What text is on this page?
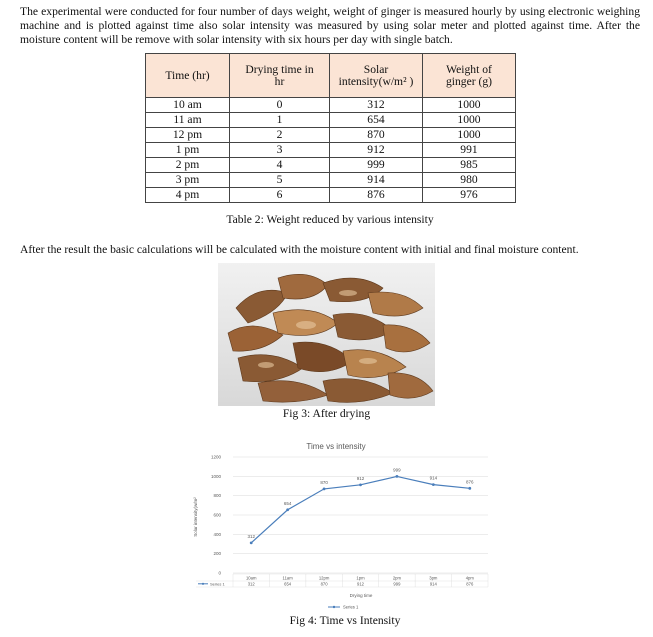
The experimental were conducted for four number of days weight, weight of ginger is measured hourly by using electronic weighing machine and is plotted against time also solar intensity was measured by using solar meter and plotted against time. After the moisture content will be remove with solar intensity with six hours per day with single batch.
Time (hr)	Drying time in hr	Solar intensity(w/m² )	Weight of ginger (g)
10 am	0	312	1000
11 am	1	654	1000
12 pm	2	870	1000
1 pm	3	912	991
2 pm	4	999	985
3 pm	5	914	980
4 pm	6	876	976
Table 2: Weight reduced by various intensity
After the result the basic calculations will be calculated with the moisture content with initial and final moisture content.
Fig 3: After drying
Time vs intensity
Solar intensity(w/m²
0
200
400
600
800
1000
1200
312
654
870
912
999
914
876
10am
312
11am
654
12pm
870
1pm
912
2pm
999
3pm
914
4pm
876
Series 1
Drying time
Series 1
Fig 4: Time vs Intensity
